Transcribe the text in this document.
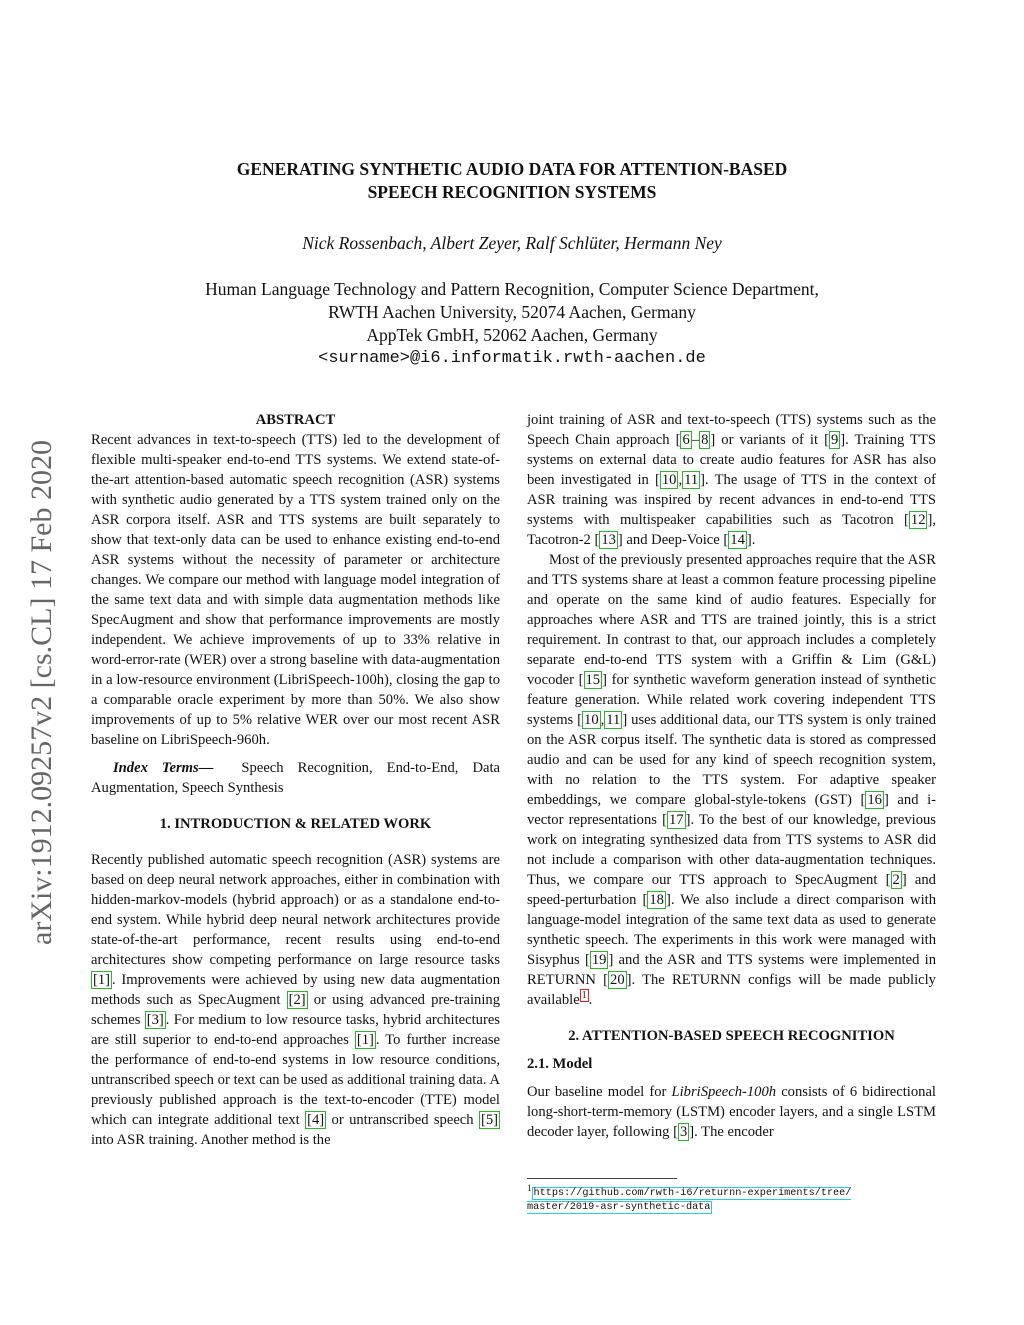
arXiv:1912.09257v2 [cs.CL] 17 Feb 2020
GENERATING SYNTHETIC AUDIO DATA FOR ATTENTION-BASED
SPEECH RECOGNITION SYSTEMS
Nick Rossenbach, Albert Zeyer, Ralf Schlüter, Hermann Ney
Human Language Technology and Pattern Recognition, Computer Science Department,
RWTH Aachen University, 52074 Aachen, Germany
AppTek GmbH, 52062 Aachen, Germany
<surname>@i6.informatik.rwth-aachen.de
ABSTRACT

Recent advances in text-to-speech (TTS) led to the development of flexible multi-speaker end-to-end TTS systems. We extend state-of-the-art attention-based automatic speech recognition (ASR) systems with synthetic audio generated by a TTS system trained only on the ASR corpora itself. ASR and TTS systems are built separately to show that text-only data can be used to enhance existing end-to-end ASR systems without the necessity of parameter or architecture changes. We compare our method with language model integration of the same text data and with simple data augmentation methods like SpecAugment and show that performance improvements are mostly independent. We achieve improvements of up to 33% relative in word-error-rate (WER) over a strong baseline with data-augmentation in a low-resource environment (LibriSpeech-100h), closing the gap to a comparable oracle experiment by more than 50%. We also show improvements of up to 5% relative WER over our most recent ASR baseline on LibriSpeech-960h.

Index Terms— Speech Recognition, End-to-End, Data Augmentation, Speech Synthesis

1. INTRODUCTION & RELATED WORK

Recently published automatic speech recognition (ASR) systems are based on deep neural network approaches, either in combination with hidden-markov-models (hybrid approach) or as a standalone end-to-end system. While hybrid deep neural network architectures provide state-of-the-art performance, recent results using end-to-end architectures show competing performance on large resource tasks [1] . Improvements were achieved by using new data augmentation methods such as SpecAugment [2] or using advanced pre-training schemes [3] . For medium to low resource tasks, hybrid architectures are still superior to end-to-end approaches [1] . To further increase the performance of end-to-end systems in low resource conditions, untranscribed speech or text can be used as additional training data. A previously published approach is the text-to-encoder (TTE) model which can integrate additional text [4] or untranscribed speech [5] into ASR training. Another method is the

joint training of ASR and text-to-speech (TTS) systems such as the Speech Chain approach [ 6 – 8 ] or variants of it [ 9 ]. Training TTS systems on external data to create audio features for ASR has also been investigated in [ 10 , 11 ]. The usage of TTS in the context of ASR training was inspired by recent advances in end-to-end TTS systems with multispeaker capabilities such as Tacotron [ 12 ], Tacotron-2 [ 13 ] and Deep-Voice [ 14 ].

Most of the previously presented approaches require that the ASR and TTS systems share at least a common feature processing pipeline and operate on the same kind of audio features. Especially for approaches where ASR and TTS are trained jointly, this is a strict requirement. In contrast to that, our approach includes a completely separate end-to-end TTS system with a Griffin & Lim (G&L) vocoder [ 15 ] for synthetic waveform generation instead of synthetic feature generation. While related work covering independent TTS systems [ 10 , 11 ] uses additional data, our TTS system is only trained on the ASR corpus itself. The synthetic data is stored as compressed audio and can be used for any kind of speech recognition system, with no relation to the TTS system. For adaptive speaker embeddings, we compare global-style-tokens (GST) [ 16 ] and i-vector representations [ 17 ]. To the best of our knowledge, previous work on integrating synthesized data from TTS systems to ASR did not include a comparison with other data-augmentation techniques. Thus, we compare our TTS approach to SpecAugment [ 2 ] and speed-perturbation [ 18 ]. We also include a direct comparison with language-model integration of the same text data as used to generate synthetic speech. The experiments in this work were managed with Sisyphus [ 19 ] and the ASR and TTS systems were implemented in RETURNN [ 20 ]. The RETURNN configs will be made publicly available $^1$ .

2. ATTENTION-BASED SPEECH RECOGNITION
2.1. Model

Our baseline model for LibriSpeech-100h consists of 6 bidirectional long-short-term-memory (LSTM) encoder layers, and a single LSTM decoder layer, following [ 3 ]. The encoder

$^1$https://github.com/rwth-i6/returnn-experiments/tree/
master/2019-asr-synthetic-data
